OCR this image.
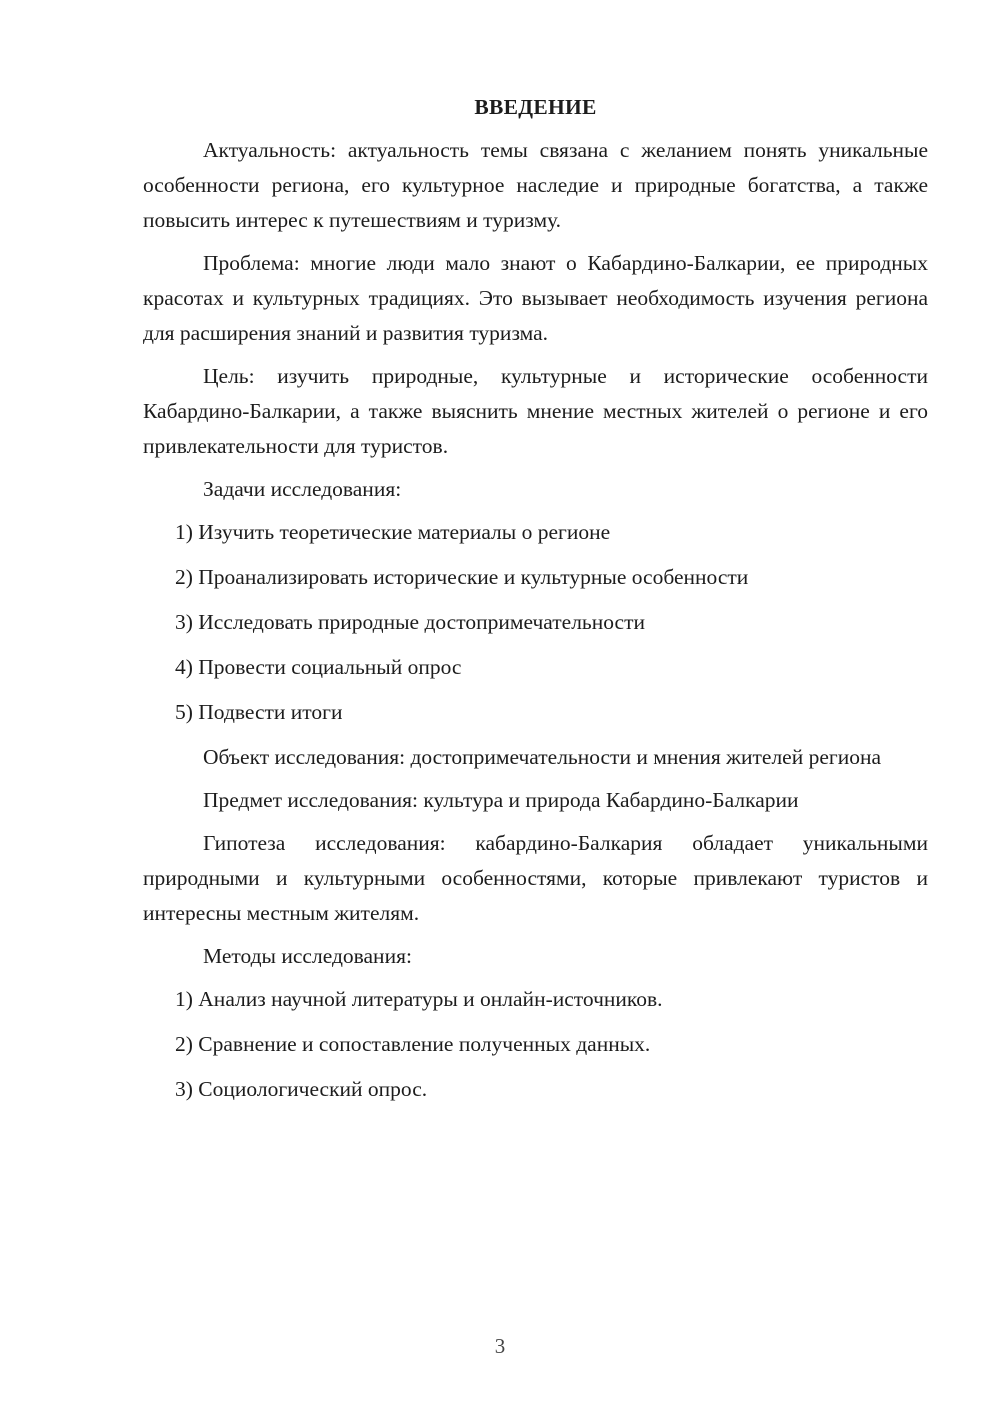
ВВЕДЕНИЕ

Актуальность: актуальность темы связана с желанием понять уникальные особенности региона, его культурное наследие и природные богатства, а также повысить интерес к путешествиям и туризму.

Проблема: многие люди мало знают о Кабардино-Балкарии, ее природных красотах и культурных традициях. Это вызывает необходимость изучения региона для расширения знаний и развития туризма.

Цель: изучить природные, культурные и исторические особенности Кабардино-Балкарии, а также выяснить мнение местных жителей о регионе и его привлекательности для туристов.

Задачи исследования:

1) Изучить теоретические материалы о регионе
2) Проанализировать исторические и культурные особенности
3) Исследовать природные достопримечательности
4) Провести социальный опрос
5) Подвести итоги

Объект исследования: достопримечательности и мнения жителей региона

Предмет исследования: культура и природа Кабардино-Балкарии

Гипотеза исследования: кабардино-Балкария обладает уникальными природными и культурными особенностями, которые привлекают туристов и интересны местным жителям.

Методы исследования:

1) Анализ научной литературы и онлайн-источников.
2) Сравнение и сопоставление полученных данных.
3) Социологический опрос.
3
